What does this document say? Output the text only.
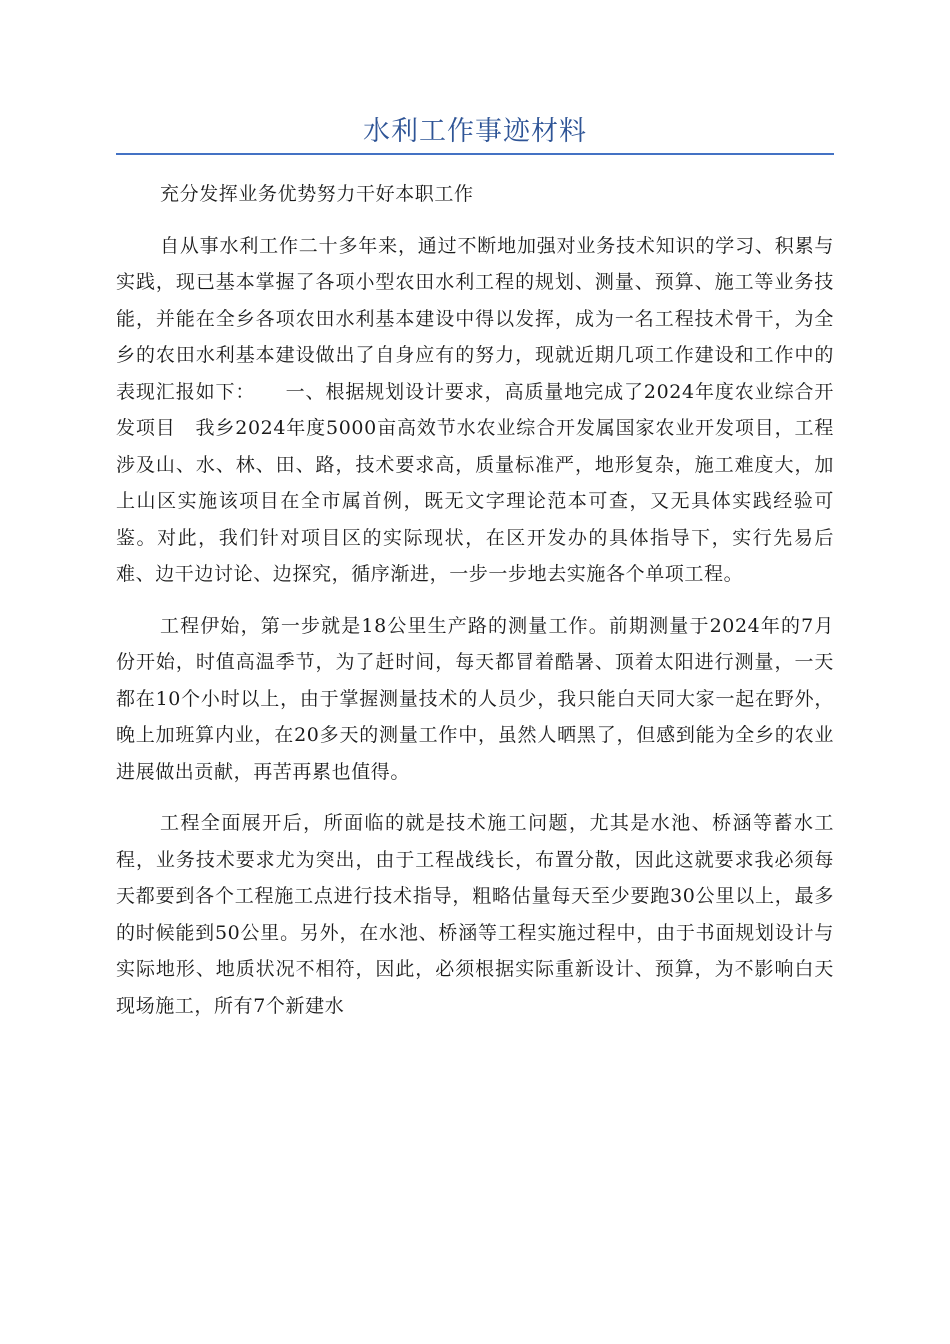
水利工作事迹材料

充分发挥业务优势努力干好本职工作

自从事水利工作二十多年来，通过不断地加强对业务技术知识的学习、积累与实践，现已基本掌握了各项小型农田水利工程的规划、测量、预算、施工等业务技能，并能在全乡各项农田水利基本建设中得以发挥，成为一名工程技术骨干，为全乡的农田水利基本建设做出了自身应有的努力，现就近期几项工作建设和工作中的表现汇报如下：　　一、根据规划设计要求，高质量地完成了2024年度农业综合开发项目　我乡2024年度5000亩高效节水农业综合开发属国家农业开发项目，工程涉及山、水、林、田、路，技术要求高，质量标准严，地形复杂，施工难度大，加上山区实施该项目在全市属首例，既无文字理论范本可查，又无具体实践经验可鉴。对此，我们针对项目区的实际现状，在区开发办的具体指导下，实行先易后难、边干边讨论、边探究，循序渐进，一步一步地去实施各个单项工程。

工程伊始，第一步就是18公里生产路的测量工作。前期测量于2024年的7月份开始，时值高温季节，为了赶时间，每天都冒着酷暑、顶着太阳进行测量，一天都在10个小时以上，由于掌握测量技术的人员少，我只能白天同大家一起在野外，晚上加班算内业，在20多天的测量工作中，虽然人晒黑了，但感到能为全乡的农业进展做出贡献，再苦再累也值得。

工程全面展开后，所面临的就是技术施工问题，尤其是水池、桥涵等蓄水工程，业务技术要求尤为突出，由于工程战线长，布置分散，因此这就要求我必须每天都要到各个工程施工点进行技术指导，粗略估量每天至少要跑30公里以上，最多的时候能到50公里。另外，在水池、桥涵等工程实施过程中，由于书面规划设计与实际地形、地质状况不相符，因此，必须根据实际重新设计、预算，为不影响白天现场施工，所有7个新建水
